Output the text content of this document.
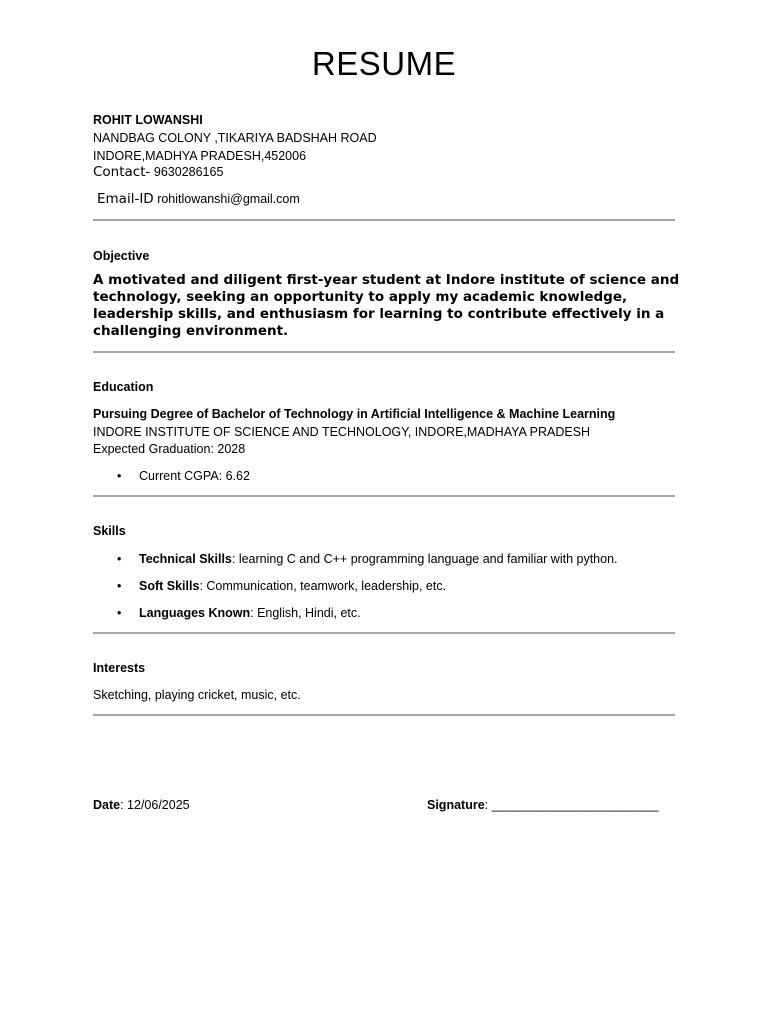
RESUME
ROHIT LOWANSHI
NANDBAG COLONY ,TIKARIYA BADSHAH ROAD
INDORE,MADHYA PRADESH,452006
Contact- 9630286165
Email-ID rohitlowanshi@gmail.com
Objective
A motivated and diligent first-year student at Indore institute of science and technology, seeking an opportunity to apply my academic knowledge, leadership skills, and enthusiasm for learning to contribute effectively in a challenging environment.
Education
Pursuing Degree of Bachelor of Technology in Artificial Intelligence & Machine Learning
INDORE INSTITUTE OF SCIENCE AND TECHNOLOGY, INDORE,MADHAYA PRADESH
Expected Graduation: 2028
• Current CGPA: 6.62
Skills
• Technical Skills: learning C and C++ programming language and familiar with python.
• Soft Skills: Communication, teamwork, leadership, etc.
• Languages Known: English, Hindi, etc.
Interests
Sketching, playing cricket, music, etc.
Date: 12/06/2025	Signature: ________________________
